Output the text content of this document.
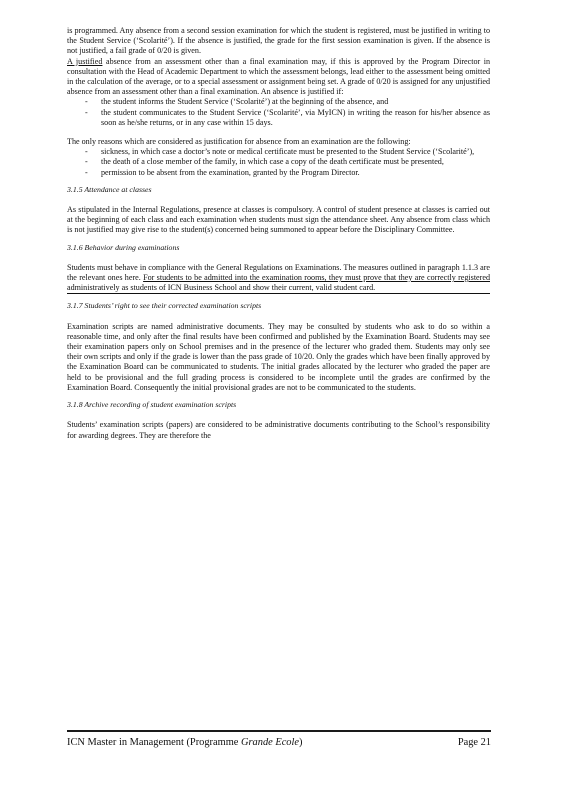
is programmed. Any absence from a second session examination for which the student is registered, must be justified in writing to the Student Service (‘Scolarité’). If the absence is justified, the grade for the first session examination is given. If the absence is not justified, a fail grade of 0/20 is given.

A justified absence from an assessment other than a final examination may, if this is approved by the Program Director in consultation with the Head of Academic Department to which the assessment belongs, lead either to the assessment being omitted in the calculation of the average, or to a special assessment or assignment being set. A grade of 0/20 is assigned for any unjustified absence from an assessment other than a final examination. An absence is justified if:

- the student informs the Student Service (‘Scolarité’) at the beginning of the absence, and
- the student communicates to the Student Service (‘Scolarité’, via MyICN) in writing the reason for his/her absence as soon as he/she returns, or in any case within 15 days.

The only reasons which are considered as justification for absence from an examination are the following:

- sickness, in which case a doctor’s note or medical certificate must be presented to the Student Service (‘Scolarité’),
- the death of a close member of the family, in which case a copy of the death certificate must be presented,
- permission to be absent from the examination, granted by the Program Director.
3.1.5 Attendance at classes

As stipulated in the Internal Regulations, presence at classes is compulsory. A control of student presence at classes is carried out at the beginning of each class and each examination when students must sign the attendance sheet. Any absence from class which is not justified may give rise to the student(s) concerned being summoned to appear before the Disciplinary Committee.

3.1.6 Behavior during examinations

Students must behave in compliance with the General Regulations on Examinations. The measures outlined in paragraph 1.1.3 are the relevant ones here. For students to be admitted into the examination rooms, they must prove that they are correctly registered administratively as students of ICN Business School and show their current, valid student card.

3.1.7 Students’ right to see their corrected examination scripts

Examination scripts are named administrative documents. They may be consulted by students who ask to do so within a reasonable time, and only after the final results have been confirmed and published by the Examination Board. Students may see their examination papers only on School premises and in the presence of the lecturer who graded them. Students may only see their own scripts and only if the grade is lower than the pass grade of 10/20. Only the grades which have been finally approved by the Examination Board can be communicated to students. The initial grades allocated by the lecturer who graded the paper are held to be provisional and the full grading process is considered to be incomplete until the grades are confirmed by the Examination Board. Consequently the initial provisional grades are not to be communicated to the students.

3.1.8 Archive recording of student examination scripts

Students’ examination scripts (papers) are considered to be administrative documents contributing to the School’s responsibility for awarding degrees. They are therefore the

ICN Master in Management (Programme Grande Ecole)	Page 21
